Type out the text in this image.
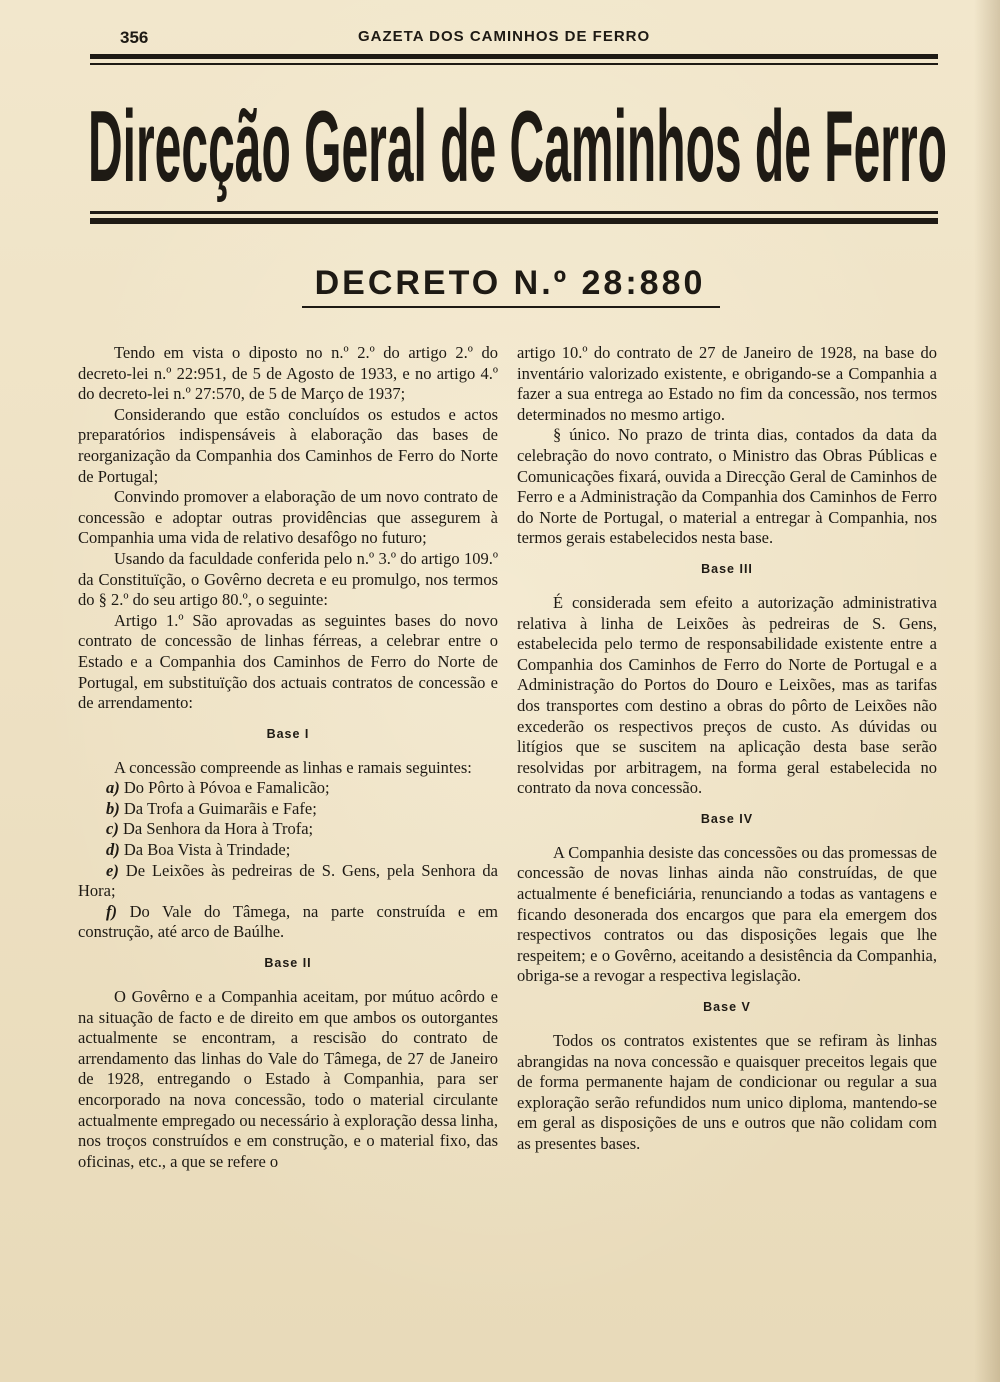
356	GAZETA DOS CAMINHOS DE FERRO
Direcção Geral de Caminhos de Ferro
DECRETO N.º 28:880

Tendo em vista o diposto no n.º 2.º do artigo 2.º do decreto-lei n.º 22:951, de 5 de Agosto de 1933, e no artigo 4.º do decreto-lei n.º 27:570, de 5 de Março de 1937;

Considerando que estão concluídos os estudos e actos preparatórios indispensáveis à elaboração das bases de reorganização da Companhia dos Caminhos de Ferro do Norte de Portugal;

Convindo promover a elaboração de um novo contrato de concessão e adoptar outras providências que assegurem à Companhia uma vida de relativo desafôgo no futuro;

Usando da faculdade conferida pelo n.º 3.º do artigo 109.º da Constituïção, o Govêrno decreta e eu promulgo, nos termos do § 2.º do seu artigo 80.º, o seguinte:

Artigo 1.º São aprovadas as seguintes bases do novo contrato de concessão de linhas férreas, a celebrar entre o Estado e a Companhia dos Caminhos de Ferro do Norte de Portugal, em substituïção dos actuais contratos de concessão e de arrendamento:

Base I

A concessão compreende as linhas e ramais seguintes:

a) Do Pôrto à Póvoa e Famalicão;

b) Da Trofa a Guimarãis e Fafe;

c) Da Senhora da Hora à Trofa;

d) Da Boa Vista à Trindade;

e) De Leixões às pedreiras de S. Gens, pela Senhora da Hora;

f) Do Vale do Tâmega, na parte construída e em construção, até arco de Baúlhe.

Base II

O Govêrno e a Companhia aceitam, por mútuo acôrdo e na situação de facto e de direito em que ambos os outorgantes actualmente se encontram, a rescisão do contrato de arrendamento das linhas do Vale do Tâmega, de 27 de Janeiro de 1928, entregando o Estado à Companhia, para ser encorporado na nova concessão, todo o material circulante actualmente empregado ou necessário à exploração dessa linha, nos troços construídos e em construção, e o material fixo, das oficinas, etc., a que se refere o

artigo 10.º do contrato de 27 de Janeiro de 1928, na base do inventário valorizado existente, e obrigando-se a Companhia a fazer a sua entrega ao Estado no fim da concessão, nos termos determinados no mesmo artigo.

§ único. No prazo de trinta dias, contados da data da celebração do novo contrato, o Ministro das Obras Públicas e Comunicações fixará, ouvida a Direcção Geral de Caminhos de Ferro e a Administração da Companhia dos Caminhos de Ferro do Norte de Portugal, o material a entregar à Companhia, nos termos gerais estabelecidos nesta base.

Base III

É considerada sem efeito a autorização administrativa relativa à linha de Leixões às pedreiras de S. Gens, estabelecida pelo termo de responsabilidade existente entre a Companhia dos Caminhos de Ferro do Norte de Portugal e a Administração do Portos do Douro e Leixões, mas as tarifas dos transportes com destino a obras do pôrto de Leixões não excederão os respectivos preços de custo. As dúvidas ou litígios que se suscitem na aplicação desta base serão resolvidas por arbitragem, na forma geral estabelecida no contrato da nova concessão.

Base IV

A Companhia desiste das concessões ou das promessas de concessão de novas linhas ainda não construídas, de que actualmente é beneficiária, renunciando a todas as vantagens e ficando desonerada dos encargos que para ela emergem dos respectivos contratos ou das disposições legais que lhe respeitem; e o Govêrno, aceitando a desistência da Companhia, obriga-se a revogar a respectiva legislação.

Base V

Todos os contratos existentes que se refiram às linhas abrangidas na nova concessão e quaisquer preceitos legais que de forma permanente hajam de condicionar ou regular a sua exploração serão refundidos num unico diploma, mantendo-se em geral as disposições de uns e outros que não colidam com as presentes bases.
